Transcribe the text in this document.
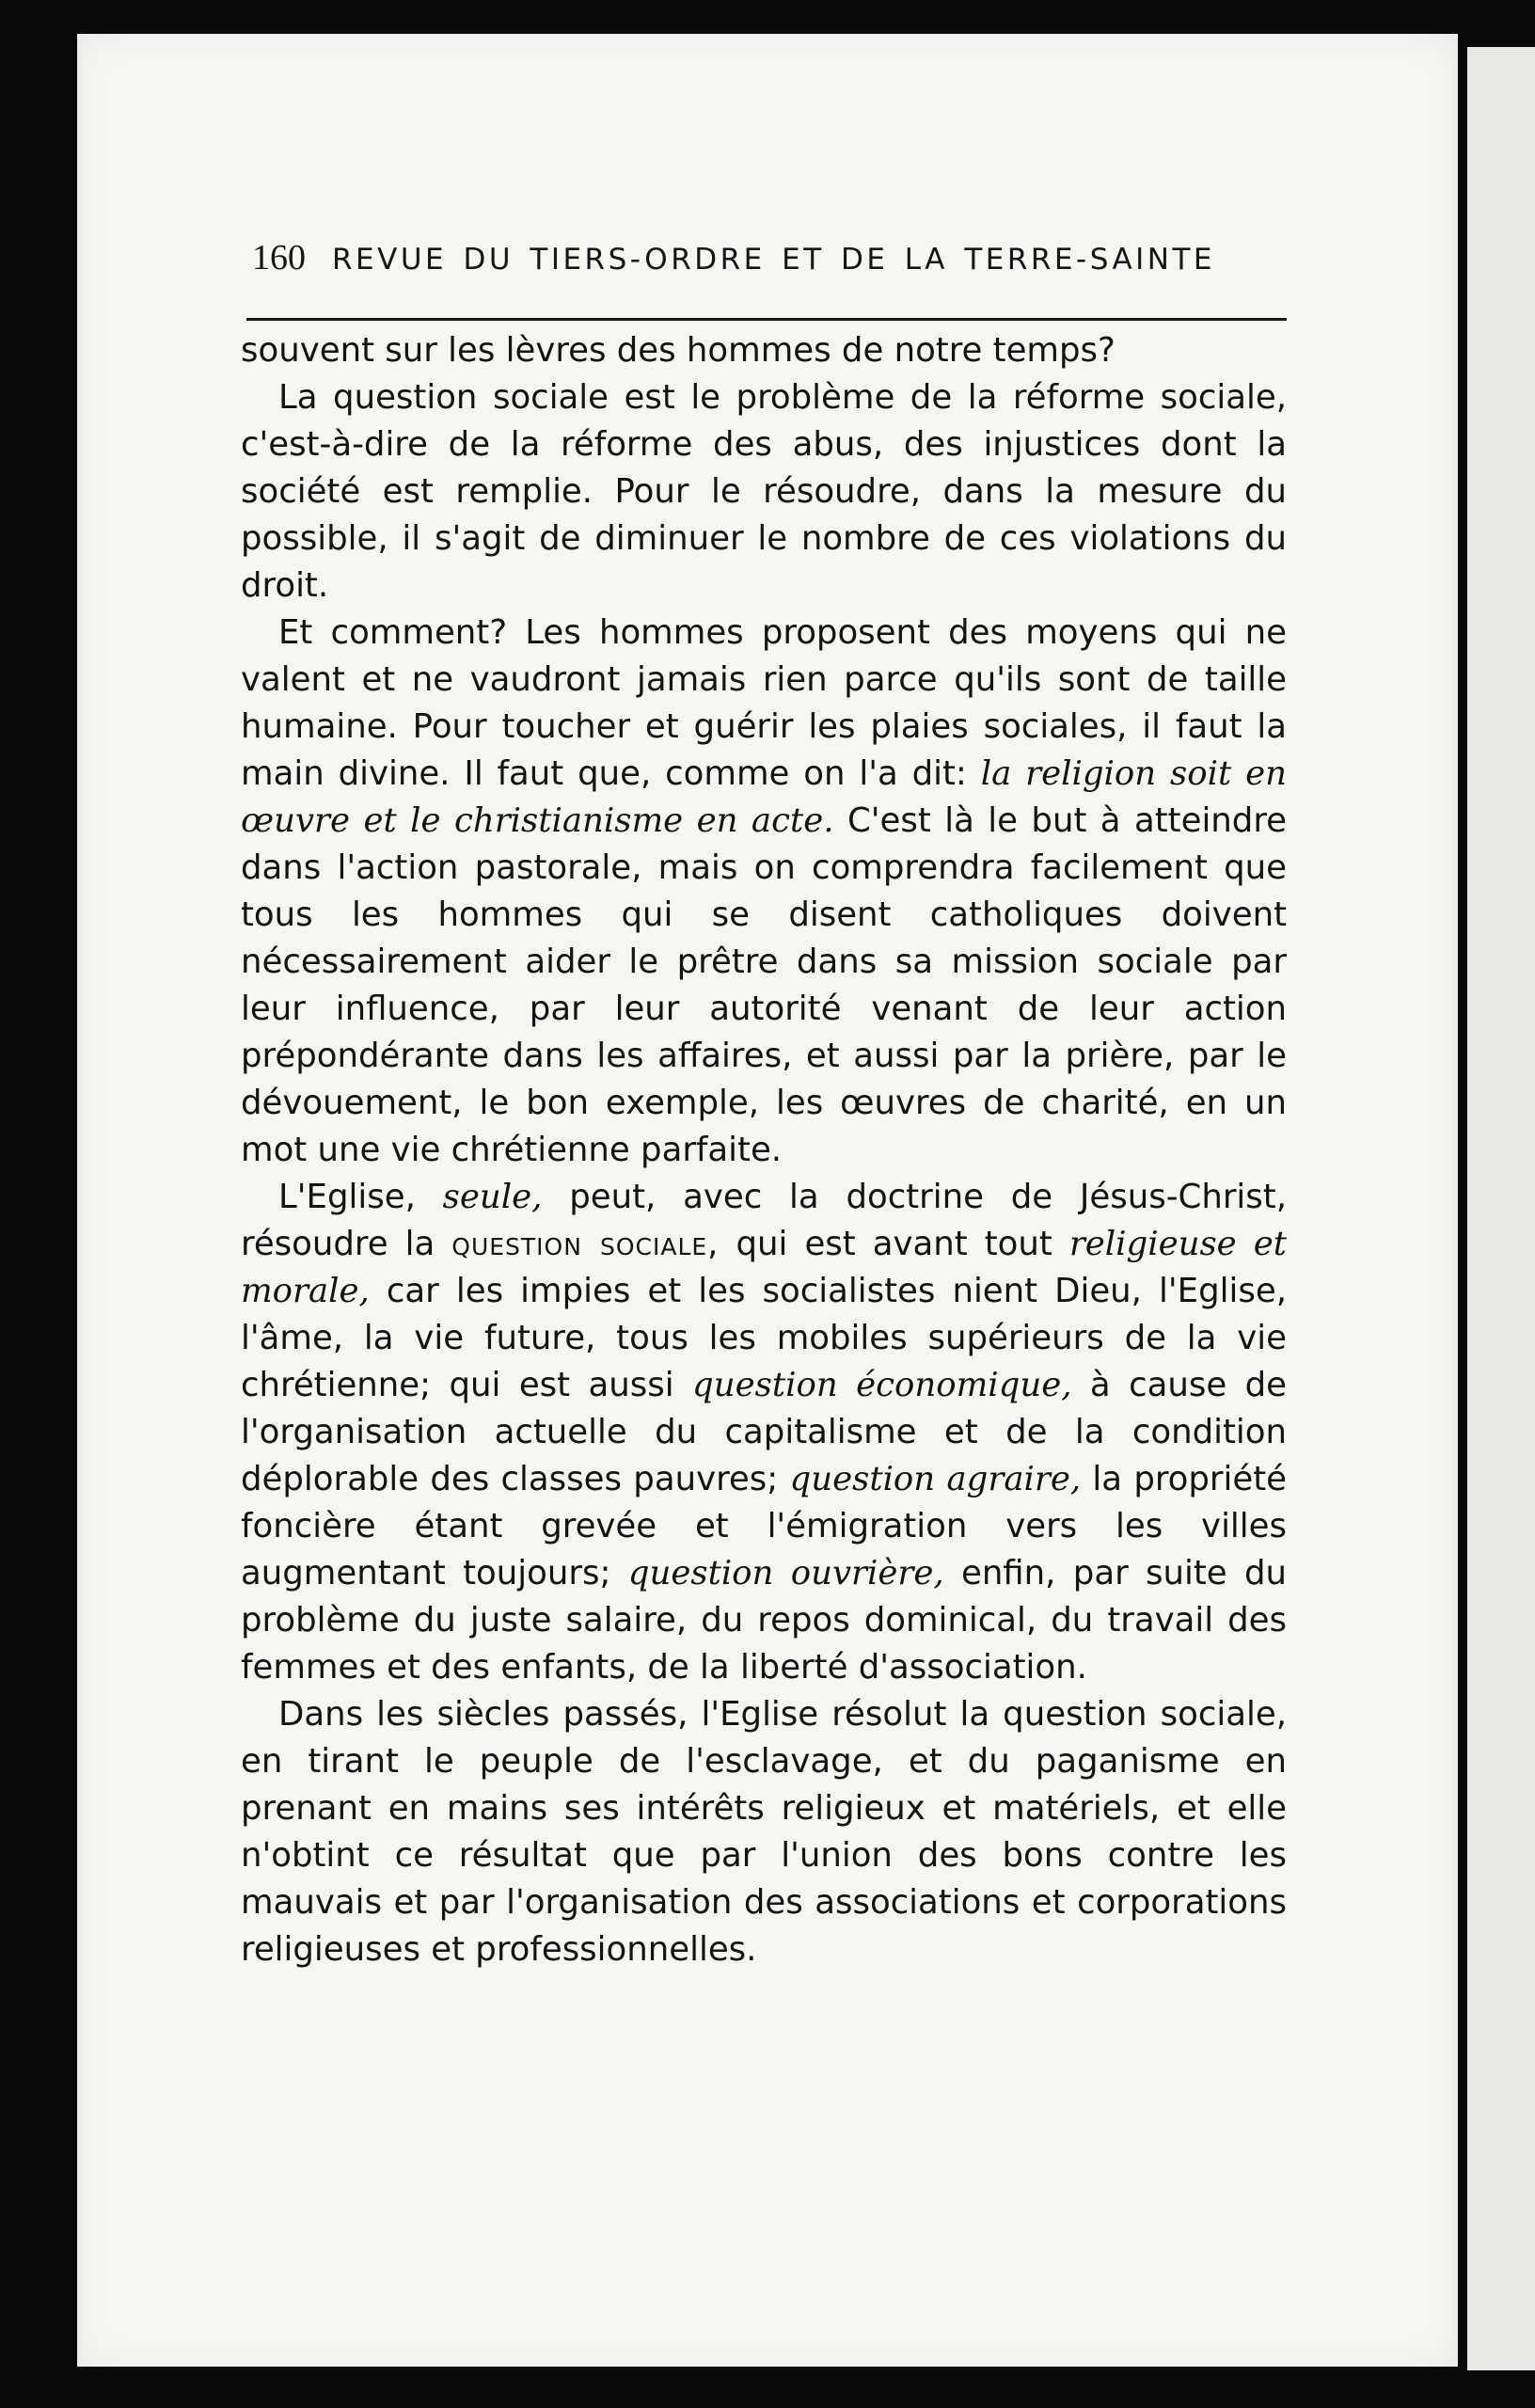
160 REVUE DU TIERS-ORDRE ET DE LA TERRE-SAINTE

souvent sur les lèvres des hommes de notre temps?

La question sociale est le problème de la réforme sociale, c'est-à-dire de la réforme des abus, des injustices dont la société est remplie. Pour le résoudre, dans la mesure du possible, il s'agit de diminuer le nombre de ces violations du droit.

Et comment? Les hommes proposent des moyens qui ne valent et ne vaudront jamais rien parce qu'ils sont de taille humaine. Pour toucher et guérir les plaies sociales, il faut la main divine. Il faut que, comme on l'a dit: la religion soit en œuvre et le christianisme en acte. C'est là le but à atteindre dans l'action pastorale, mais on comprendra facilement que tous les hommes qui se disent catholiques doivent nécessairement aider le prêtre dans sa mission sociale par leur influence, par leur autorité venant de leur action prépondérante dans les affaires, et aussi par la prière, par le dévouement, le bon exemple, les œuvres de charité, en un mot une vie chrétienne parfaite.

L'Eglise, seule, peut, avec la doctrine de Jésus-Christ, résoudre la question sociale, qui est avant tout religieuse et morale, car les impies et les socialistes nient Dieu, l'Eglise, l'âme, la vie future, tous les mobiles supérieurs de la vie chrétienne; qui est aussi question économique, à cause de l'organisation actuelle du capitalisme et de la condition déplorable des classes pauvres; question agraire, la propriété foncière étant grevée et l'émigration vers les villes augmentant toujours; question ouvrière, enfin, par suite du problème du juste salaire, du repos dominical, du travail des femmes et des enfants, de la liberté d'association.

Dans les siècles passés, l'Eglise résolut la question sociale, en tirant le peuple de l'esclavage, et du paganisme en prenant en mains ses intérêts religieux et matériels, et elle n'obtint ce résultat que par l'union des bons contre les mauvais et par l'organisation des associations et corporations religieuses et professionnelles.
